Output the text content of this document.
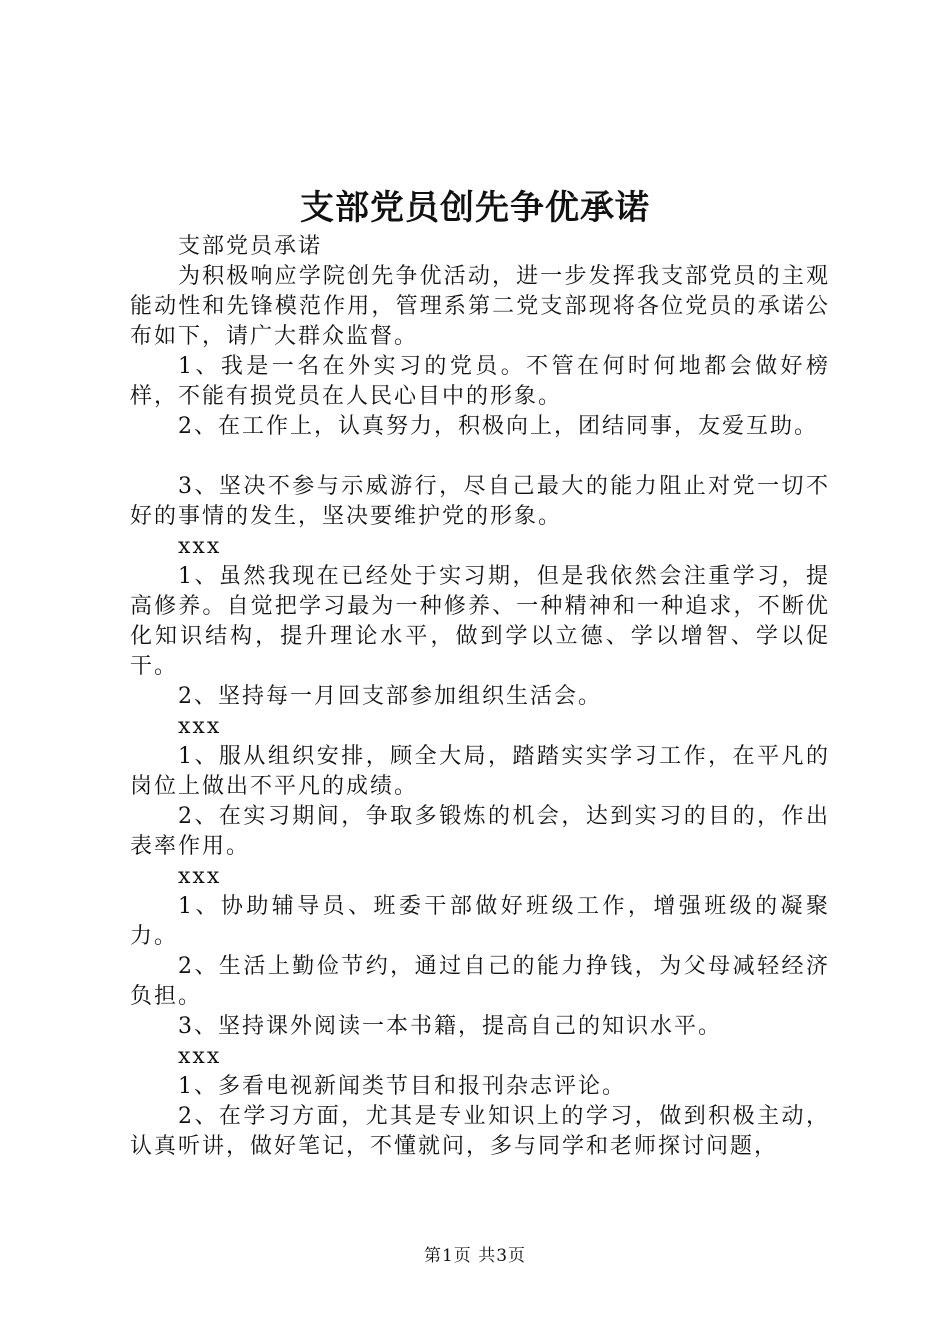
支部党员创先争优承诺

支部党员承诺

为积极响应学院创先争优活动，进一步发挥我支部党员的主观能动性和先锋模范作用，管理系第二党支部现将各位党员的承诺公布如下，请广大群众监督。

1、我是一名在外实习的党员。不管在何时何地都会做好榜样，不能有损党员在人民心目中的形象。

2、在工作上，认真努力，积极向上，团结同事，友爱互助。

3、坚决不参与示威游行，尽自己最大的能力阻止对党一切不好的事情的发生，坚决要维护党的形象。

xxx

1、虽然我现在已经处于实习期，但是我依然会注重学习，提高修养。自觉把学习最为一种修养、一种精神和一种追求，不断优化知识结构，提升理论水平，做到学以立德、学以增智、学以促干。

2、坚持每一月回支部参加组织生活会。

xxx

1、服从组织安排，顾全大局，踏踏实实学习工作，在平凡的岗位上做出不平凡的成绩。

2、在实习期间，争取多锻炼的机会，达到实习的目的，作出表率作用。

xxx

1、协助辅导员、班委干部做好班级工作，增强班级的凝聚力。

2、生活上勤俭节约，通过自己的能力挣钱，为父母减轻经济负担。

3、坚持课外阅读一本书籍，提高自己的知识水平。

xxx

1、多看电视新闻类节目和报刊杂志评论。

2、在学习方面，尤其是专业知识上的学习，做到积极主动，认真听讲，做好笔记，不懂就问，多与同学和老师探讨问题，

第1页 共3页
